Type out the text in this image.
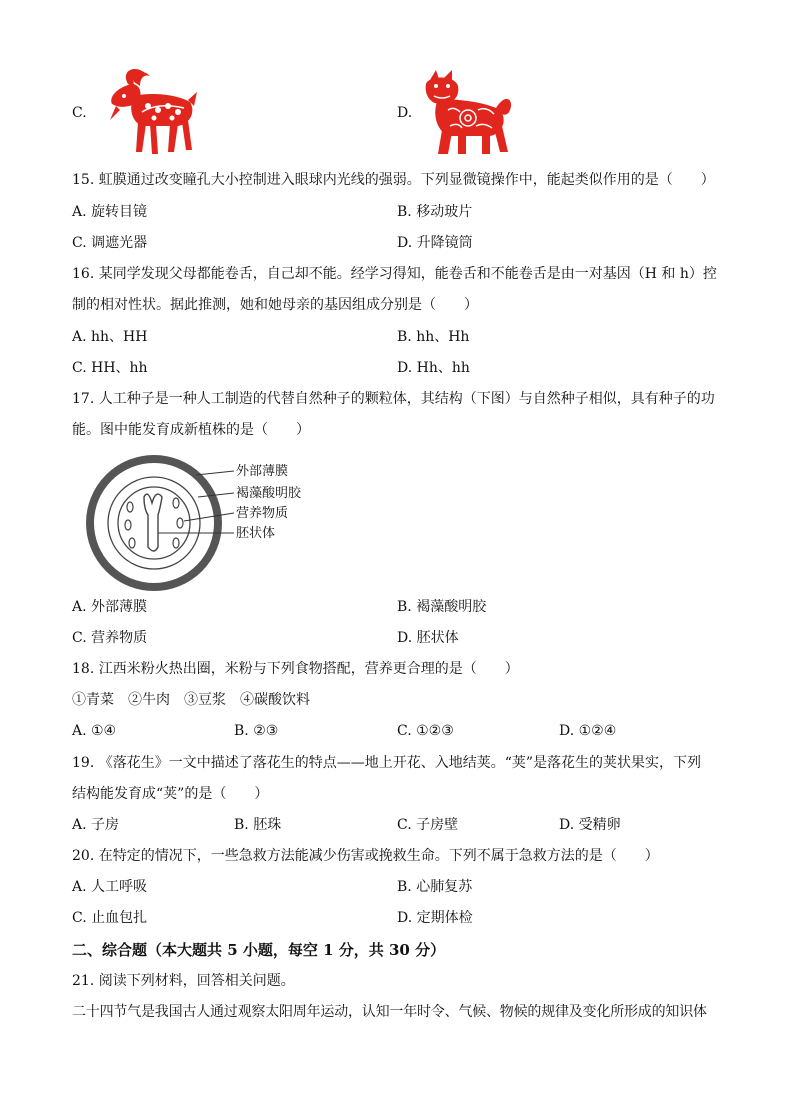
C.	D.
15. 虹膜通过改变瞳孔大小控制进入眼球内光线的强弱。下列显微镜操作中，能起类似作用的是（　　）
A. 旋转目镜	B. 移动玻片
C. 调遮光器	D. 升降镜筒
16. 某同学发现父母都能卷舌，自己却不能。经学习得知，能卷舌和不能卷舌是由一对基因（H 和 h）控
制的相对性状。据此推测，她和她母亲的基因组成分别是（　　）
A. hh、HH	B. hh、Hh
C. HH、hh	D. Hh、hh
17. 人工种子是一种人工制造的代替自然种子的颗粒体，其结构（下图）与自然种子相似，具有种子的功
能。图中能发育成新植株的是（　　）
外部薄膜
褐藻酸明胶
营养物质
胚状体
A. 外部薄膜	B. 褐藻酸明胶
C. 营养物质	D. 胚状体
18. 江西米粉火热出圈，米粉与下列食物搭配，营养更合理的是（　　）
①青菜　②牛肉　③豆浆　④碳酸饮料
A. ①④	B. ②③	C. ①②③	D. ①②④
19. 《落花生》一文中描述了落花生的特点——地上开花、入地结荚。“荚”是落花生的荚状果实，下列
结构能发育成“荚”的是（　　）
A. 子房	B. 胚珠	C. 子房壁	D. 受精卵
20. 在特定的情况下，一些急救方法能减少伤害或挽救生命。下列不属于急救方法的是（　　）
A. 人工呼吸	B. 心肺复苏
C. 止血包扎	D. 定期体检
二、综合题（本大题共 5 小题，每空 1 分，共 30 分）
21. 阅读下列材料，回答相关问题。
二十四节气是我国古人通过观察太阳周年运动，认知一年时令、气候、物候的规律及变化所形成的知识体
